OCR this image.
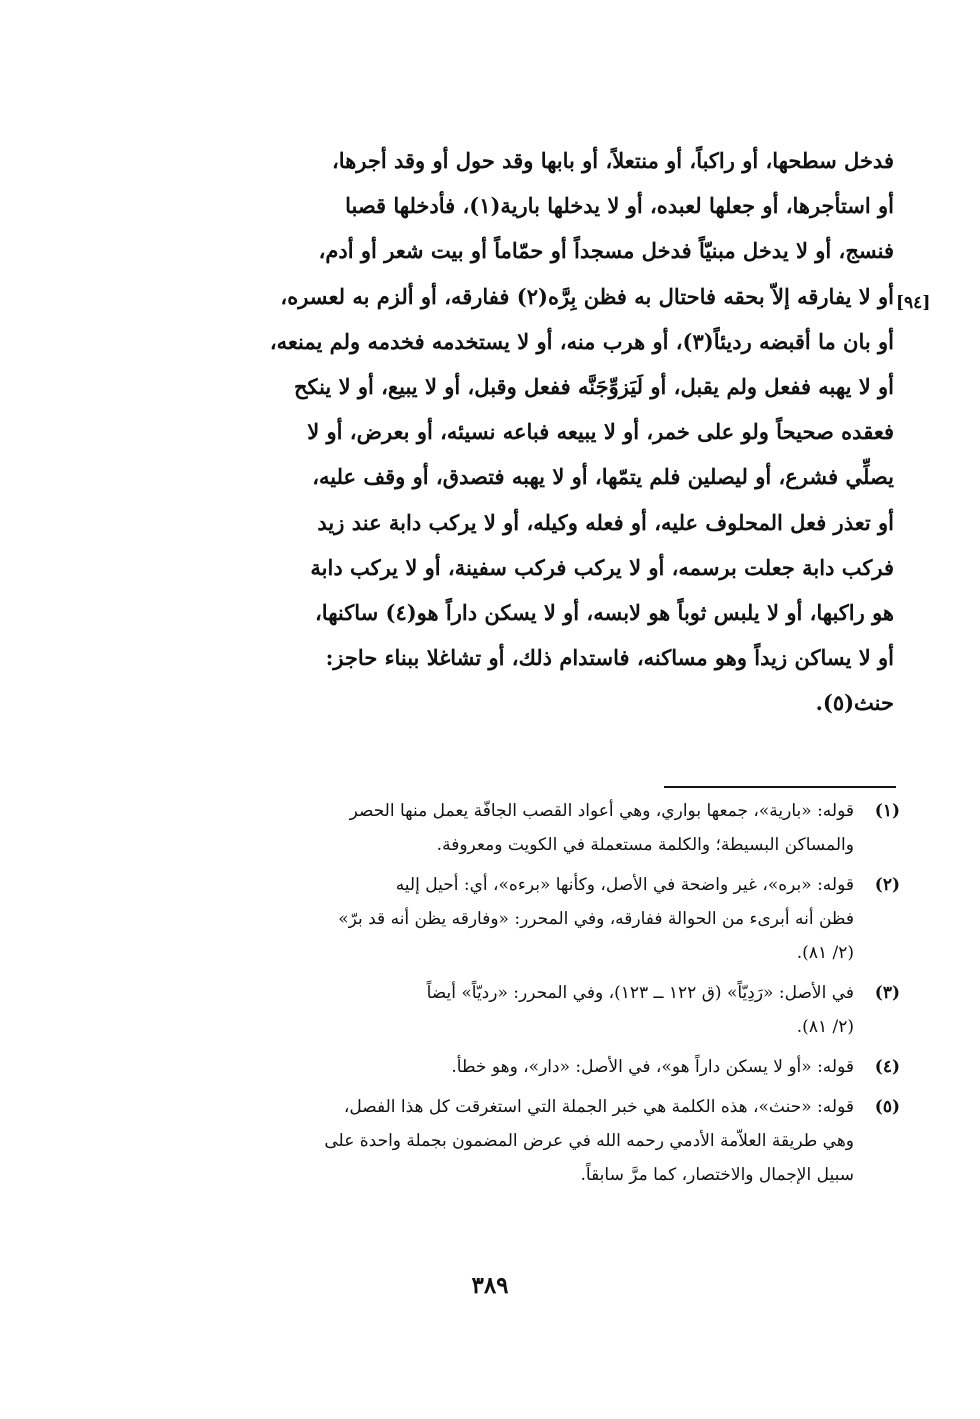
فدخل سطحها، أو راكباً، أو منتعلاً، أو بابها وقد حول أو وقد أجرها،
أو استأجرها، أو جعلها لعبده، أو لا يدخلها بارية(١)، فأدخلها قصبا
فنسج، أو لا يدخل مبنيّاً فدخل مسجداً أو حمّاماً أو بيت شعر أو أدم،
أو لا يفارقه إلاّ بحقه فاحتال به فظن بِرَّه(٢) ففارقه، أو ألزم به لعسره،
أو بان ما أقبضه رديئاً(٣)، أو هرب منه، أو لا يستخدمه فخدمه ولم يمنعه،
أو لا يهبه ففعل ولم يقبل، أو لَيَزوِّجَنَّه ففعل وقبل، أو لا يبيع، أو لا ينكح
فعقده صحيحاً ولو على خمر، أو لا يبيعه فباعه نسيئه، أو بعرض، أو لا
يصلِّي فشرع، أو ليصلين فلم يتمّها، أو لا يهبه فتصدق، أو وقف عليه،
أو تعذر فعل المحلوف عليه، أو فعله وكيله، أو لا يركب دابة عند زيد
فركب دابة جعلت برسمه، أو لا يركب فركب سفينة، أو لا يركب دابة
هو راكبها، أو لا يلبس ثوباً هو لابسه، أو لا يسكن داراً هو(٤) ساكنها،
أو لا يساكن زيداً وهو مساكنه، فاستدام ذلك، أو تشاغلا ببناء حاجز:
حنث(٥).
[٩٤]
(١)
قوله: «بارية»، جمعها بواري، وهي أعواد القصب الجافّة يعمل منها الحصر
والمساكن البسيطة؛ والكلمة مستعملة في الكويت ومعروفة.
(٢)
قوله: «بره»، غير واضحة في الأصل، وكأنها «برءه»، أي: أحيل إليه
فظن أنه أبرىء من الحوالة ففارقه، وفي المحرر: «وفارقه يظن أنه قد برّ»
(٢/ ٨١).
(٣)
في الأصل: «رَدِيّاً» (ق ١٢٢ ــ ١٢٣)، وفي المحرر: «رديّاً» أيضاً
(٢/ ٨١).
(٤)
قوله: «أو لا يسكن داراً هو»، في الأصل: «دار»، وهو خطأ.
(٥)
قوله: «حنث»، هذه الكلمة هي خبر الجملة التي استغرقت كل هذا الفصل،
وهي طريقة العلاّمة الأدمي رحمه الله في عرض المضمون بجملة واحدة على
سبيل الإجمال والاختصار، كما مرَّ سابقاً.
٣٨٩
